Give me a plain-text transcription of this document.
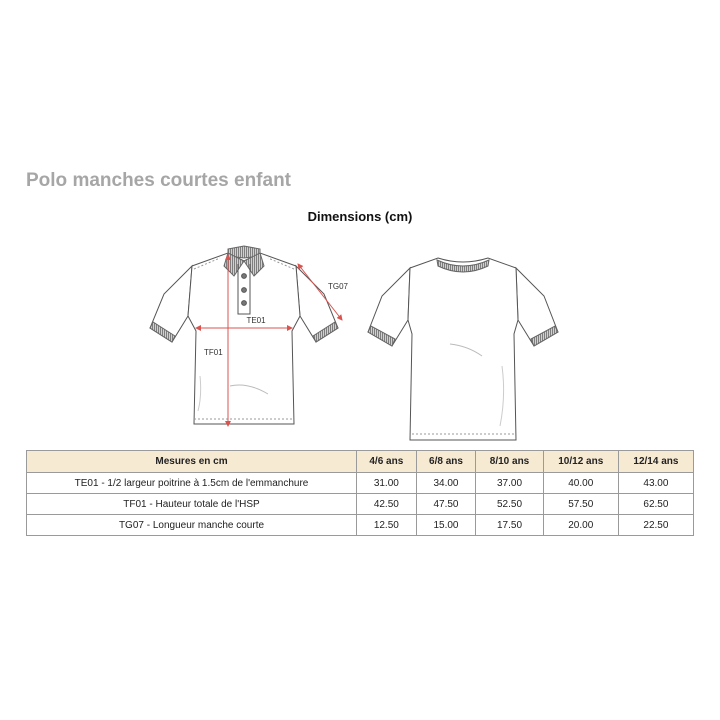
Polo manches courtes enfant
Dimensions (cm)
TE01
TF01
TG07
Mesures en cm	4/6 ans	6/8 ans	8/10 ans	10/12 ans	12/14 ans
TE01 - 1/2 largeur poitrine à 1.5cm de l'emmanchure	31.00	34.00	37.00	40.00	43.00
TF01 - Hauteur totale de l'HSP	42.50	47.50	52.50	57.50	62.50
TG07 - Longueur manche courte	12.50	15.00	17.50	20.00	22.50
